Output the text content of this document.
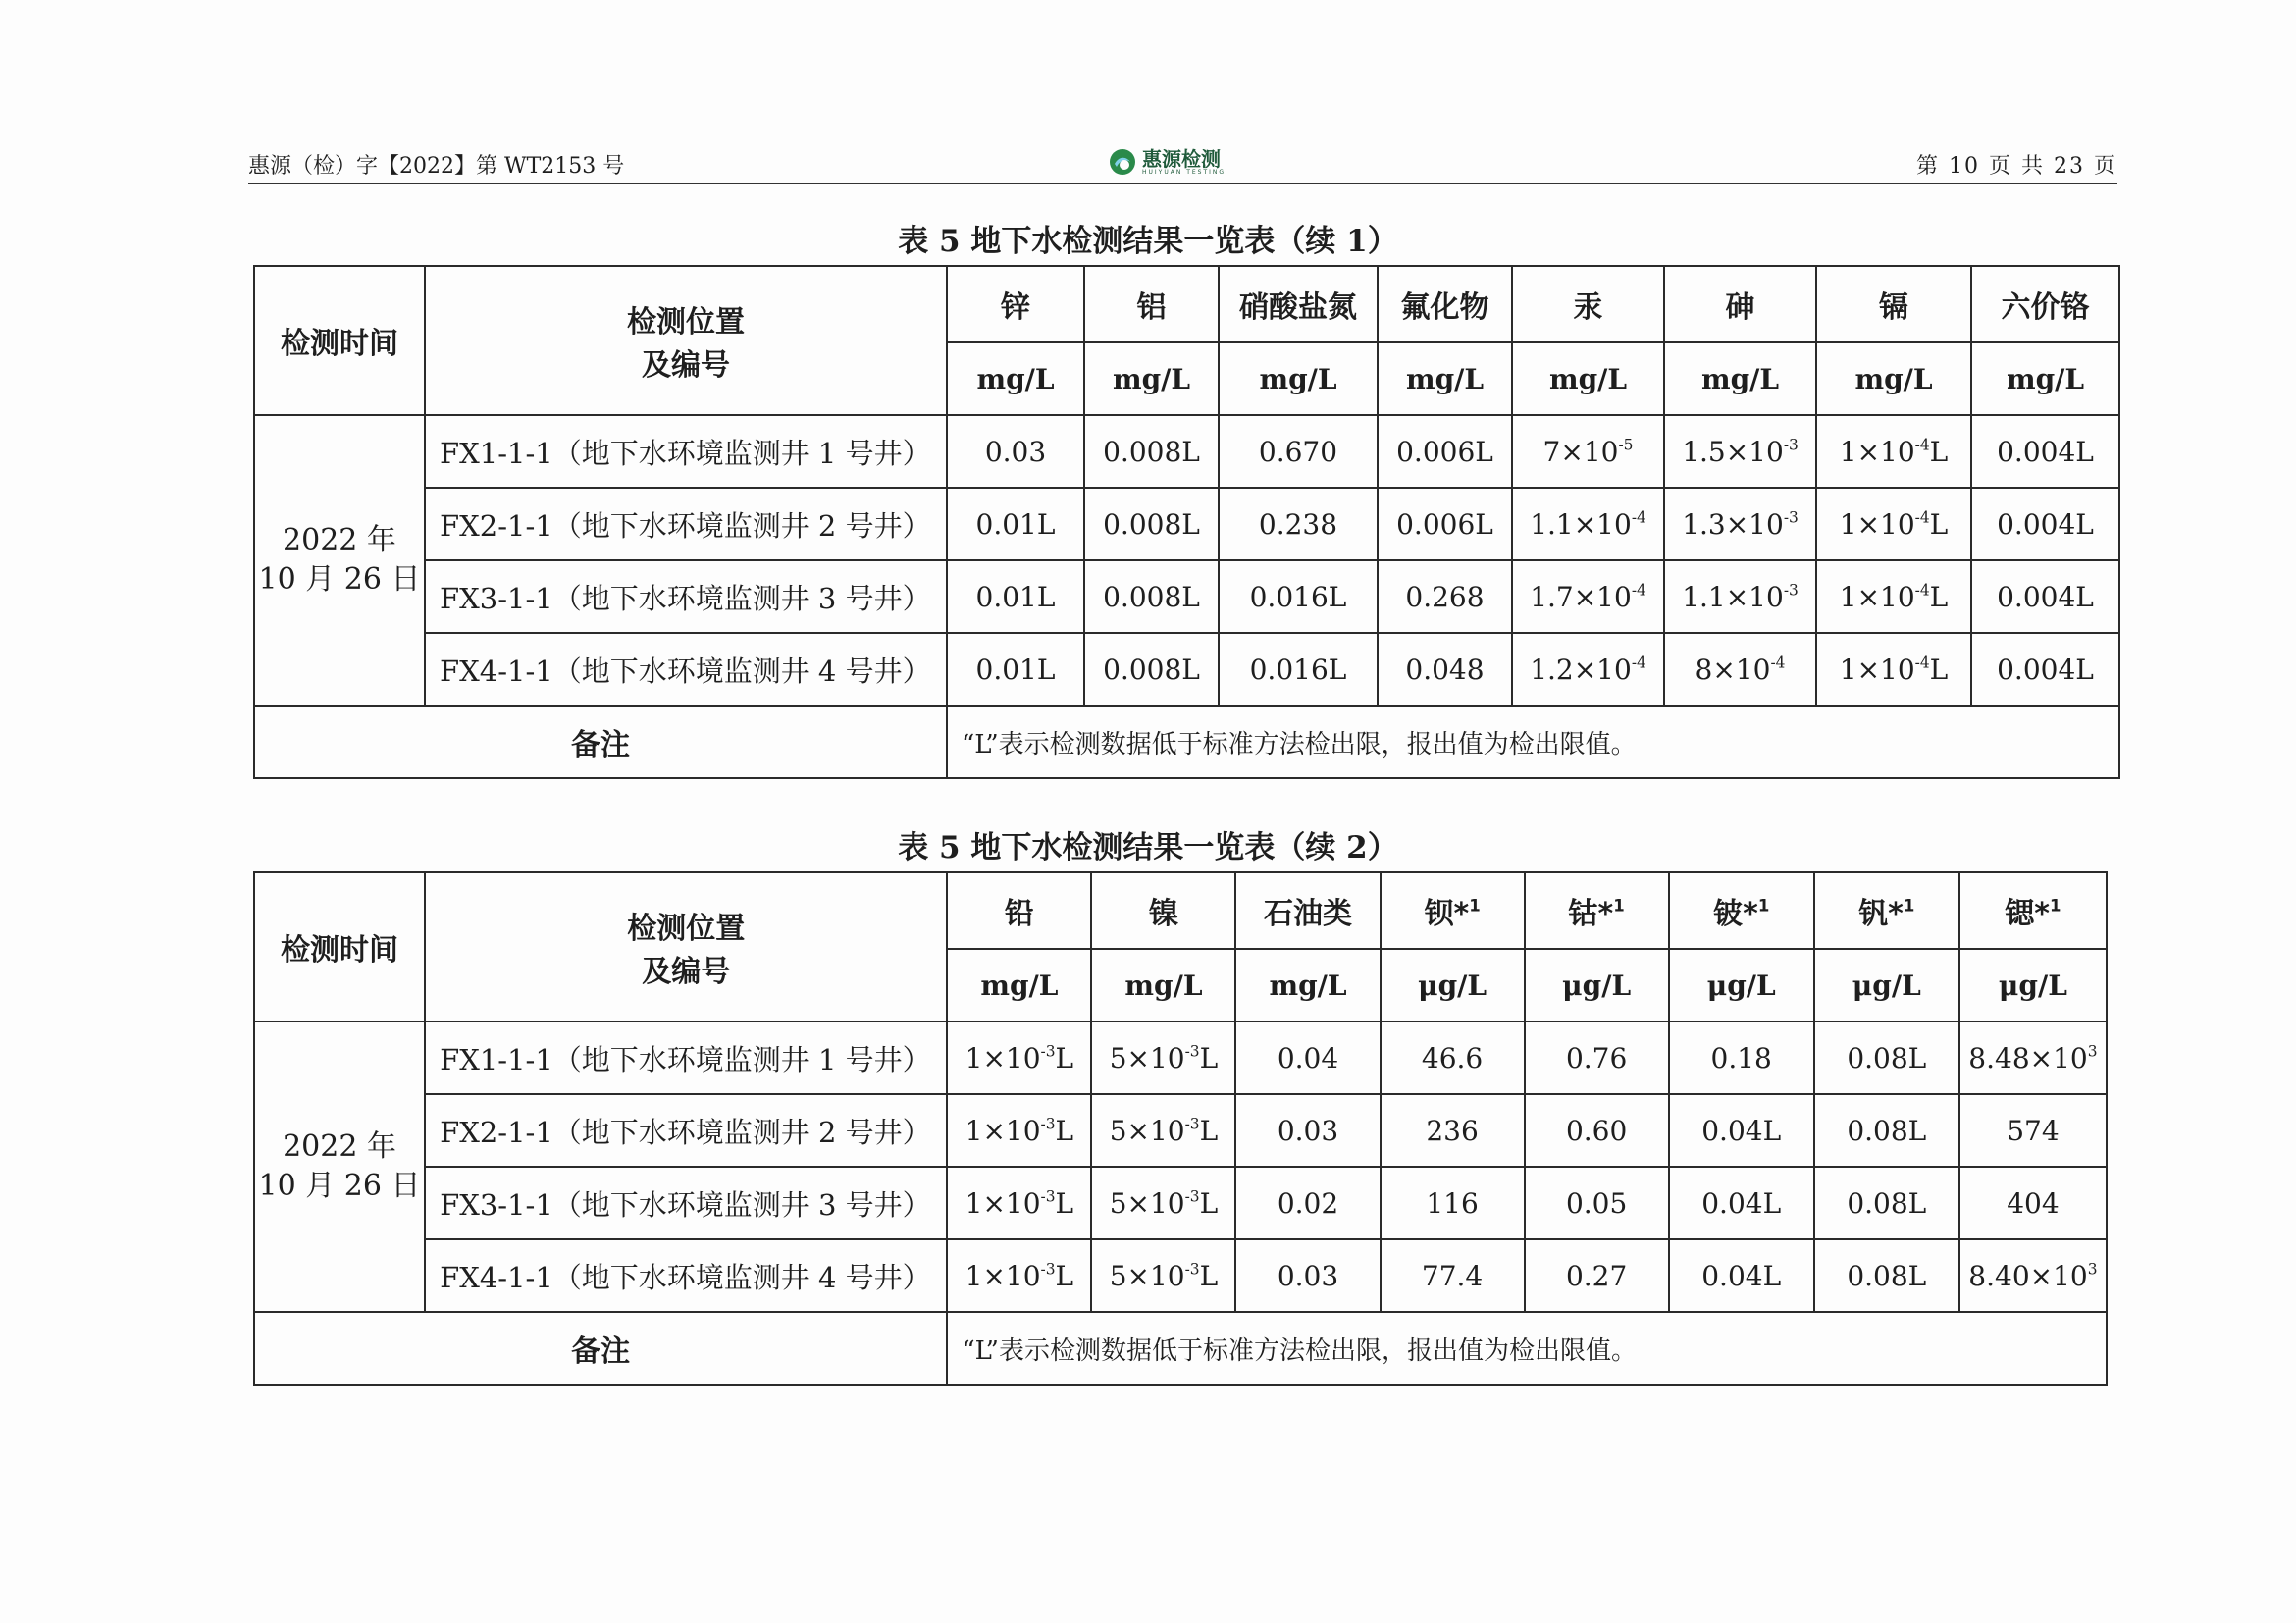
惠源（检）字【2022】第 WT2153 号	惠源检测
HUIYUAN TESTING	第 10 页 共 23 页
表 5 地下水检测结果一览表（续 1）
检测时间	检测位置
及编号	锌	铝	硝酸盐氮	氟化物	汞	砷	镉	六价铬
		mg/L	mg/L	mg/L	mg/L	mg/L	mg/L	mg/L	mg/L

2022 年
10 月 26 日	FX1-1-1（地下水环境监测井 1 号井）	0.03	0.008L	0.670	0.006L	$7\times 10^{-5}$	$1.5\times 10^{-3}$	$1\times 10^{-4}L$	0.004L
	FX2-1-1（地下水环境监测井 2 号井）	0.01L	0.008L	0.238	0.006L	$1.1\times 10^{-4}$	$1.3\times 10^{-3}$	$1\times 10^{-4}L$	0.004L
	FX3-1-1（地下水环境监测井 3 号井）	0.01L	0.008L	0.016L	0.268	$1.7\times 10^{-4}$	$1.1\times 10^{-3}$	$1\times 10^{-4}L$	0.004L
	FX4-1-1（地下水环境监测井 4 号井）	0.01L	0.008L	0.016L	0.048	$1.2\times 10^{-4}$	$8\times 10^{-4}$	$1\times 10^{-4}L$	0.004L
备注		“L”表示检测数据低于标准方法检出限，报出值为检出限值。							
表 5 地下水检测结果一览表（续 2）
检测时间	检测位置
及编号	铅	镍	石油类	钡*$^1$	钴*$^1$	铍*$^1$	钒*$^1$	锶*$^1$
		mg/L	mg/L	mg/L	μg/L	μg/L	μg/L	μg/L	μg/L

2022 年
10 月 26 日	FX1-1-1（地下水环境监测井 1 号井）	$1\times 10^{-3}L$	$5\times 10^{-3}L$	0.04	46.6	0.76	0.18	0.08L	$8.48\times 10^3$
	FX2-1-1（地下水环境监测井 2 号井）	$1\times 10^{-3}L$	$5\times 10^{-3}L$	0.03	236	0.60	0.04L	0.08L	574
	FX3-1-1（地下水环境监测井 3 号井）	$1\times 10^{-3}L$	$5\times 10^{-3}L$	0.02	116	0.05	0.04L	0.08L	404
	FX4-1-1（地下水环境监测井 4 号井）	$1\times 10^{-3}L$	$5\times 10^{-3}L$	0.03	77.4	0.27	0.04L	0.08L	$8.40\times 10^3$
备注		“L”表示检测数据低于标准方法检出限，报出值为检出限值。							
